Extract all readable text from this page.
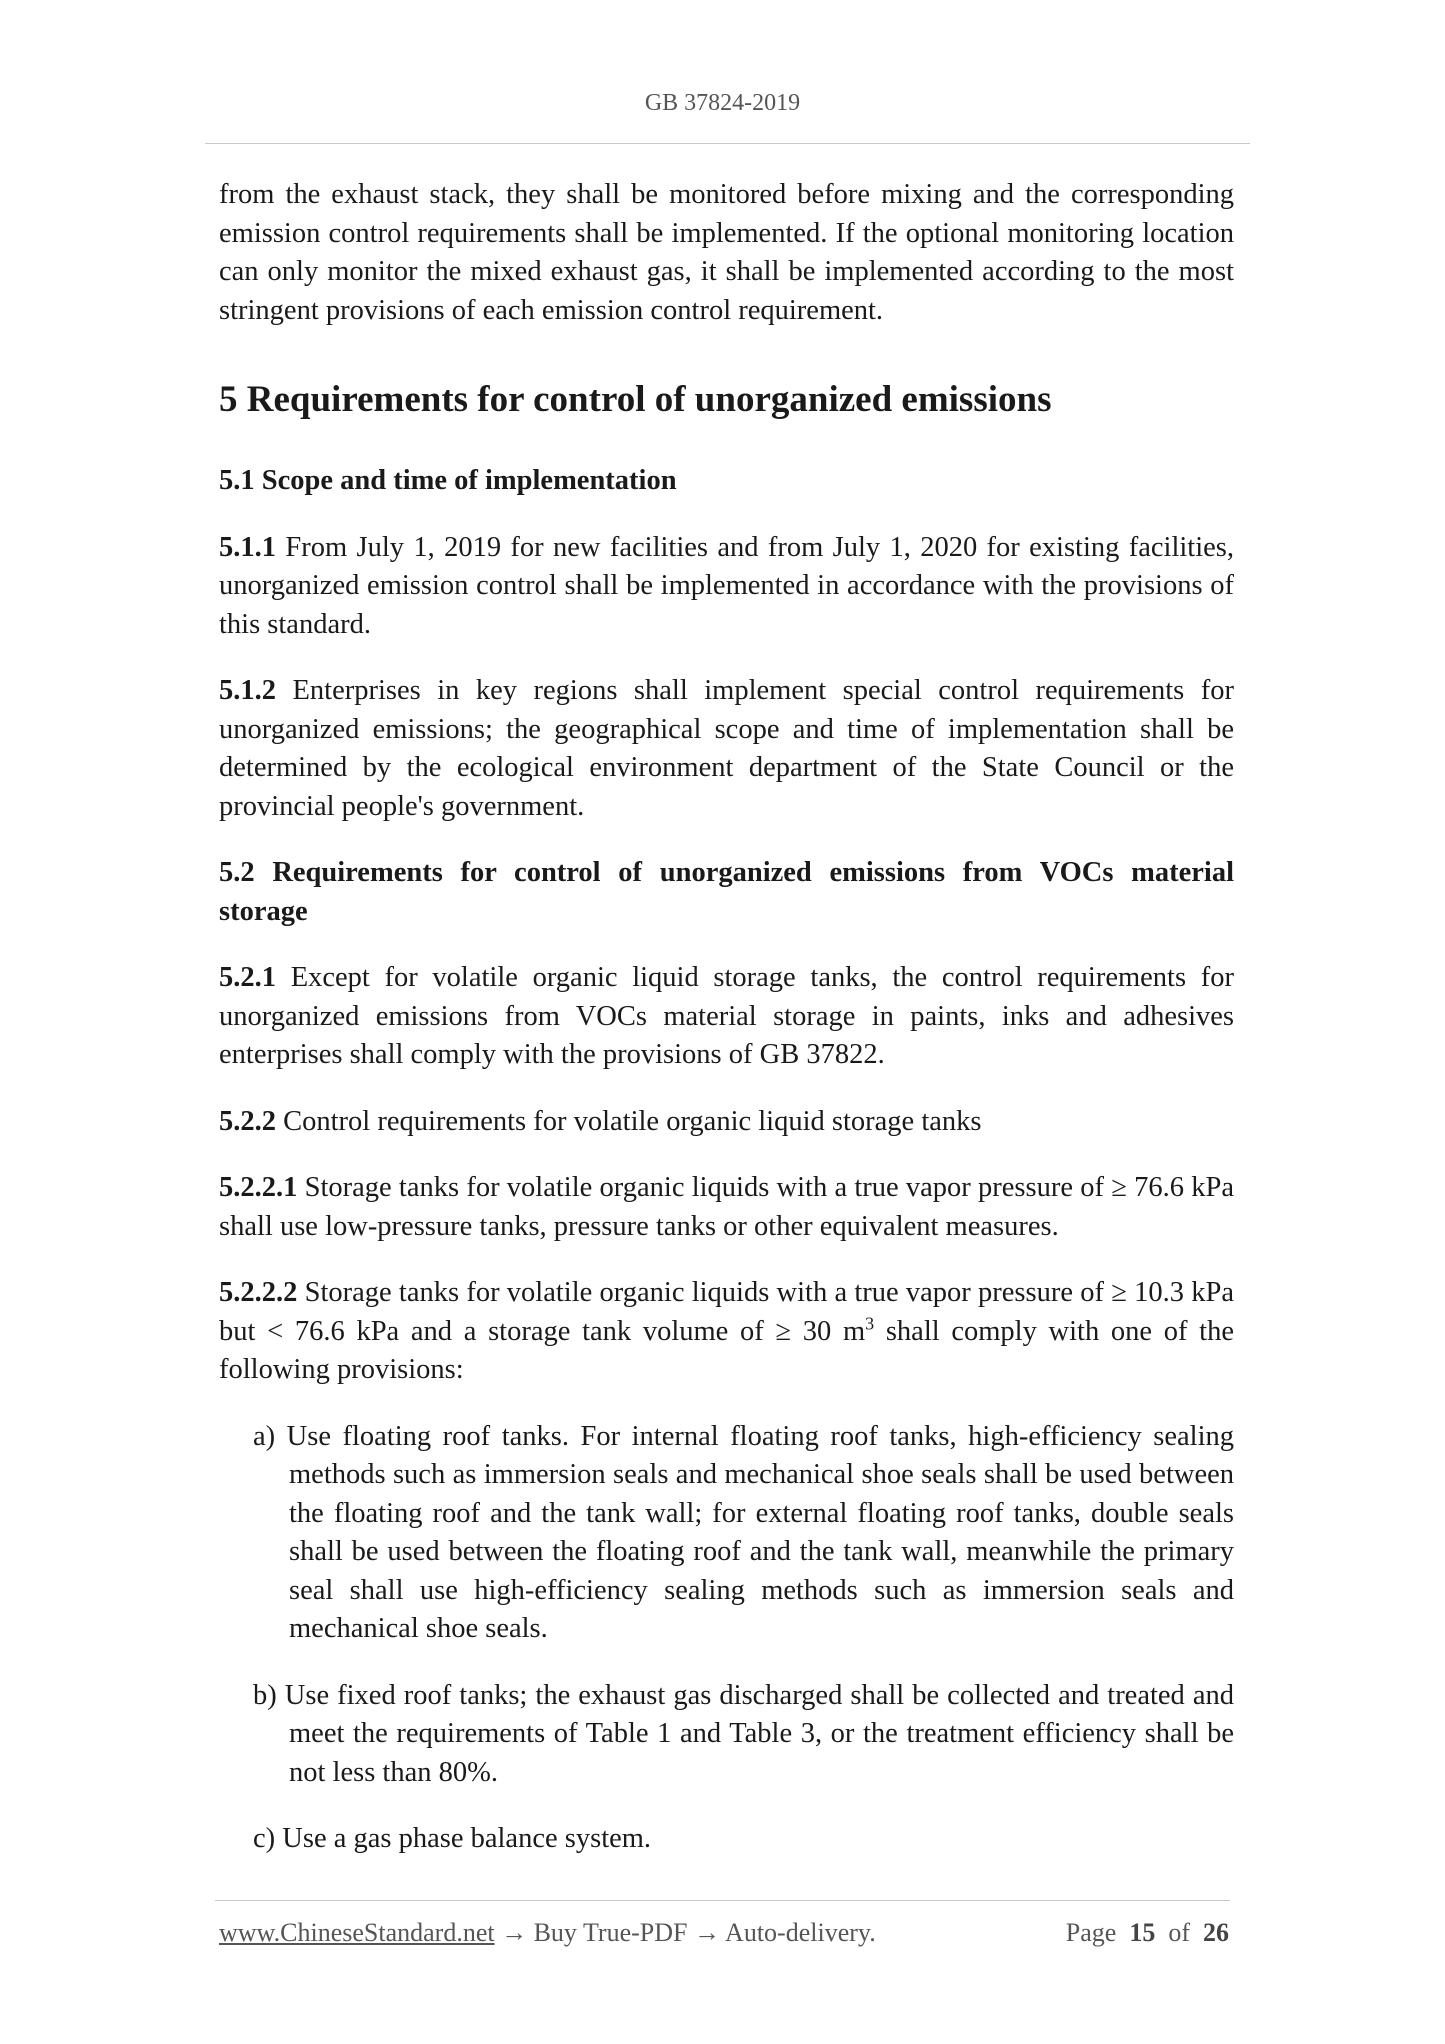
GB 37824-2019

from the exhaust stack, they shall be monitored before mixing and the corresponding emission control requirements shall be implemented. If the optional monitoring location can only monitor the mixed exhaust gas, it shall be implemented according to the most stringent provisions of each emission control requirement.

5 Requirements for control of unorganized emissions
5.1 Scope and time of implementation

5.1.1 From July 1, 2019 for new facilities and from July 1, 2020 for existing facilities, unorganized emission control shall be implemented in accordance with the provisions of this standard.

5.1.2 Enterprises in key regions shall implement special control requirements for unorganized emissions; the geographical scope and time of implementation shall be determined by the ecological environment department of the State Council or the provincial people's government.

5.2 Requirements for control of unorganized emissions from VOCs material storage

5.2.1 Except for volatile organic liquid storage tanks, the control requirements for unorganized emissions from VOCs material storage in paints, inks and adhesives enterprises shall comply with the provisions of GB 37822.

5.2.2 Control requirements for volatile organic liquid storage tanks

5.2.2.1 Storage tanks for volatile organic liquids with a true vapor pressure of ≥ 76.6 kPa shall use low-pressure tanks, pressure tanks or other equivalent measures.

5.2.2.2 Storage tanks for volatile organic liquids with a true vapor pressure of ≥ 10.3 kPa but < 76.6 kPa and a storage tank volume of ≥ 30 $m^3$ shall comply with one of the following provisions:

a) Use floating roof tanks. For internal floating roof tanks, high-efficiency sealing methods such as immersion seals and mechanical shoe seals shall be used between the floating roof and the tank wall; for external floating roof tanks, double seals shall be used between the floating roof and the tank wall, meanwhile the primary seal shall use high-efficiency sealing methods such as immersion seals and mechanical shoe seals.

b) Use fixed roof tanks; the exhaust gas discharged shall be collected and treated and meet the requirements of Table 1 and Table 3, or the treatment efficiency shall be not less than 80%.

c) Use a gas phase balance system.

www.ChineseStandard.net → Buy True-PDF → Auto-delivery.	Page 15 of 26
